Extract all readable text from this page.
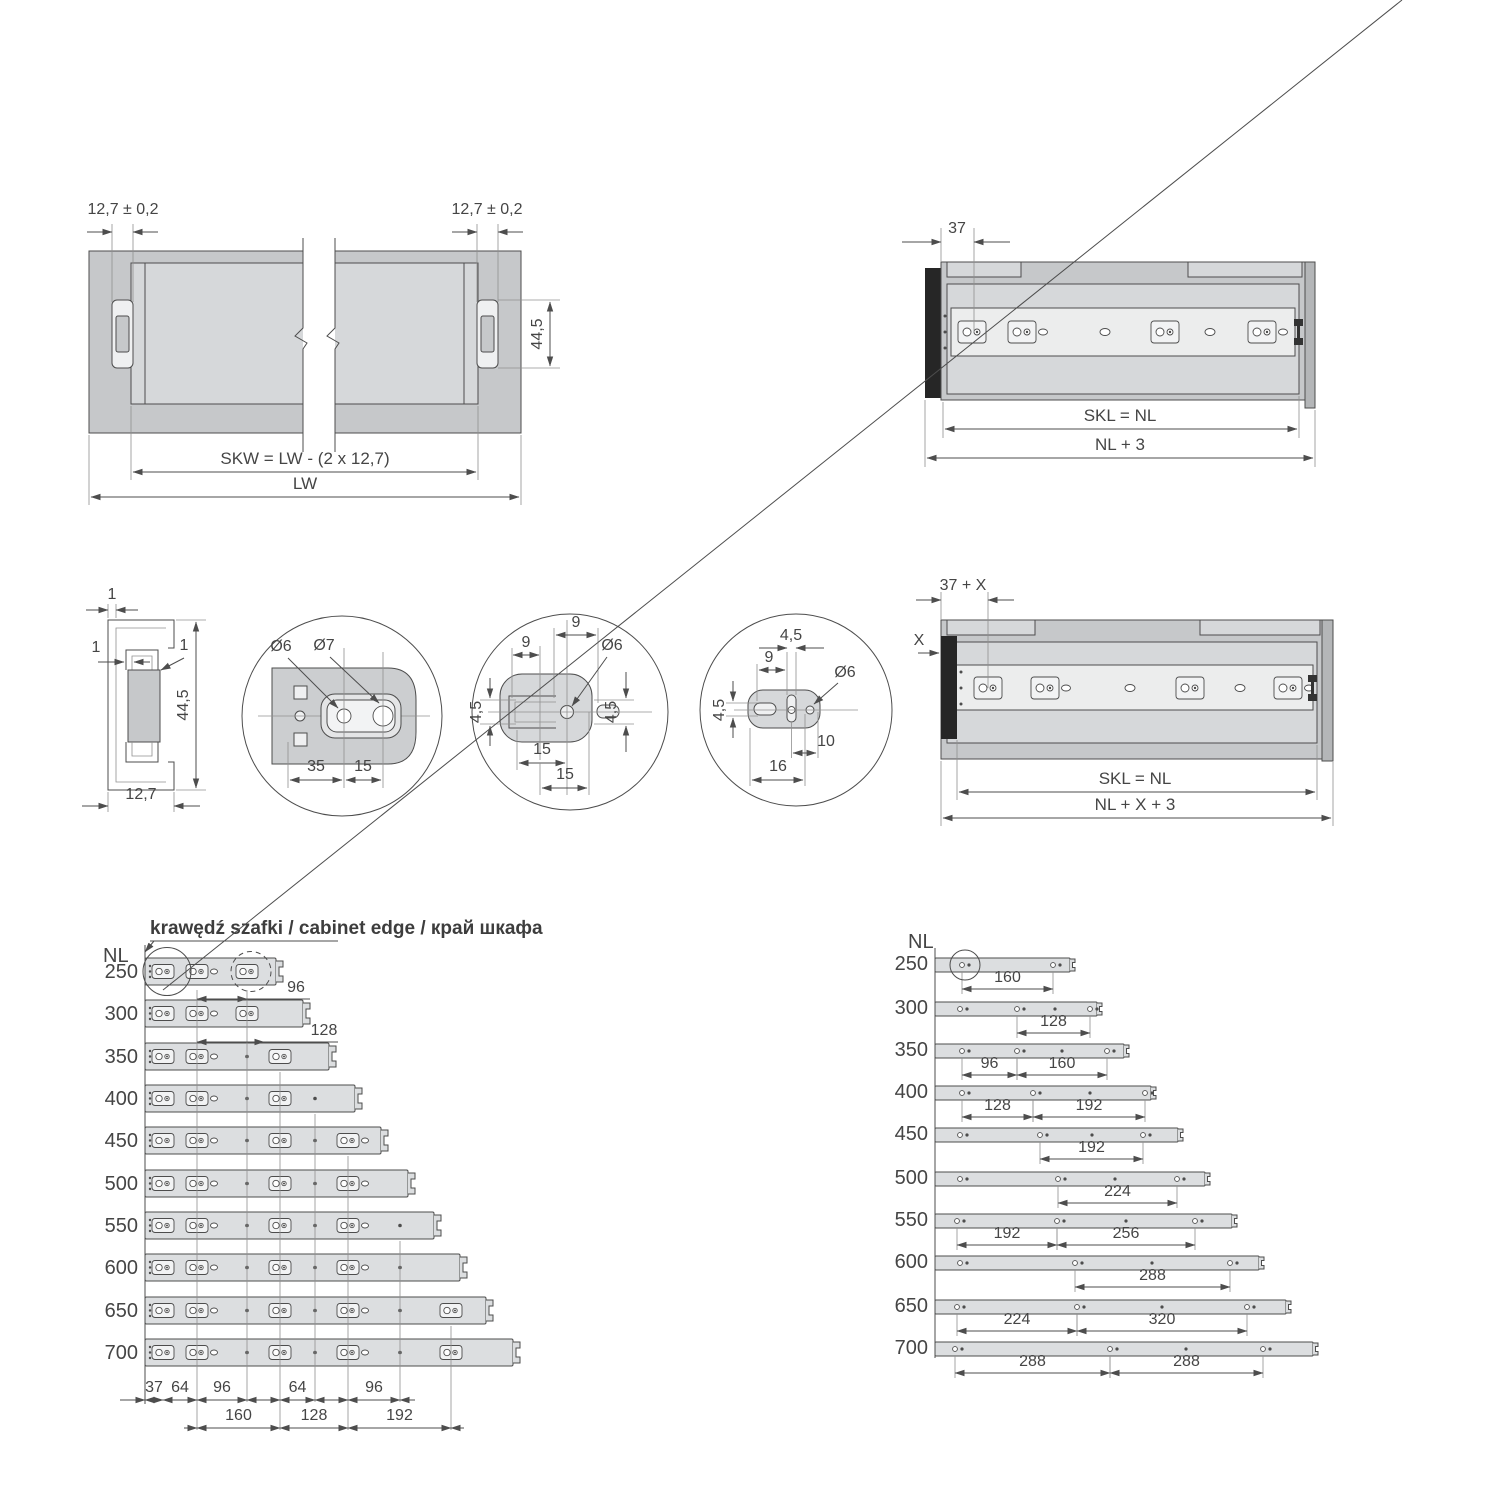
12,7 ± 0,2	12,7 ± 0,2
44,5
SKW = LW - (2 x 12,7)
LW
37
SKL = NL
NL + 3
1
1	1
44,5
12,7
Ø6 Ø7
35 15
9
9
Ø6
4,5	4,5
15
15
4,5
9
4,5
Ø6
10
16
37 + X
X
SKL = NL
NL + X + 3
krawędź szafki / cabinet edge / край шкафа
NL
250
300
350
400
450
500
550
600
650
700
96
128
37 64 96	64	96
160	128	192
NL
250
160
300
128
350
96	160
400
128	192
450
192
500
224
550
192	256
600
288
650
224	320
700
288	288
